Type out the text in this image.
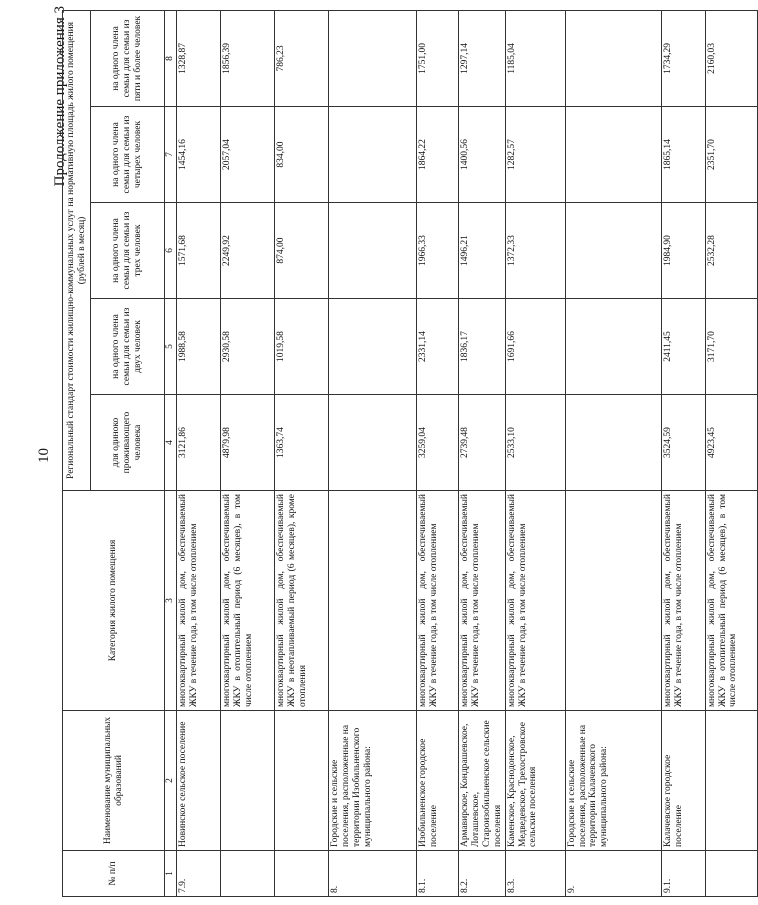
10
Продолжение приложения 3
№ п/п	Наименование муниципальных образований	Категория жилого помещения	Региональный стандарт стоимости жилищно-коммунальных услуг на нормативную площадь жилого помещения (рублей в месяц)				
			для одиноко проживающего человека	на одного члена семьи для семьи из двух человек	на одного члена семьи для семьи из трех человек	на одного члена семьи для семьи из четырех человек	на одного члена семьи для семьи из пяти и более человек
1	2	3	4	5	6	7	8
7.9.	Новинское сельское поселение	многоквартирный жилой дом, обеспечиваемый ЖКУ в течение года, в том числе отоплением	3121,86	1988,58	1571,68	1454,16	1328,87
		многоквартирный жилой дом, обеспечиваемый ЖКУ в отопительный период (6 месяцев), в том числе отоплением	4879,98	2930,58	2249,92	2057,04	1856,39
		многоквартирный жилой дом, обеспечиваемый ЖКУ в неотапливаемый период (6 месяцев), кроме отопления	1363,74	1019,58	874,00	834,00	786,23
8.	Городские и сельские поселения, расположенные на территории Изобильненского муниципального района:						
8.1.	Изобильненское городское поселение	многоквартирный жилой дом, обеспечиваемый ЖКУ в течение года, в том числе отоплением	3259,04	2331,14	1966,33	1864,22	1751,00
8.2.	Армавирское, Кондрашевское, Лоташевское, Староизобильненское сельские поселения	многоквартирный жилой дом, обеспечиваемый ЖКУ в течение года, в том числе отоплением	2739,48	1836,17	1496,21	1400,56	1297,14
8.3.	Каменское, Краснодонское, Медведевское, Трехостровское сельские поселения	многоквартирный жилой дом, обеспечиваемый ЖКУ в течение года, в том числе отоплением	2533,10	1691,66	1372,33	1282,57	1185,04
9.	Городские и сельские поселения, расположенные на территории Калачевского муниципального района:						
9.1.	Калачевское городское поселение	многоквартирный жилой дом, обеспечиваемый ЖКУ в течение года, в том числе отоплением	3524,59	2411,45	1984,90	1865,14	1734,29
		многоквартирный жилой дом, обеспечиваемый ЖКУ в отопительный период (6 месяцев), в том числе отоплением	4923,45	3171,70	2532,28	2351,70	2160,03
